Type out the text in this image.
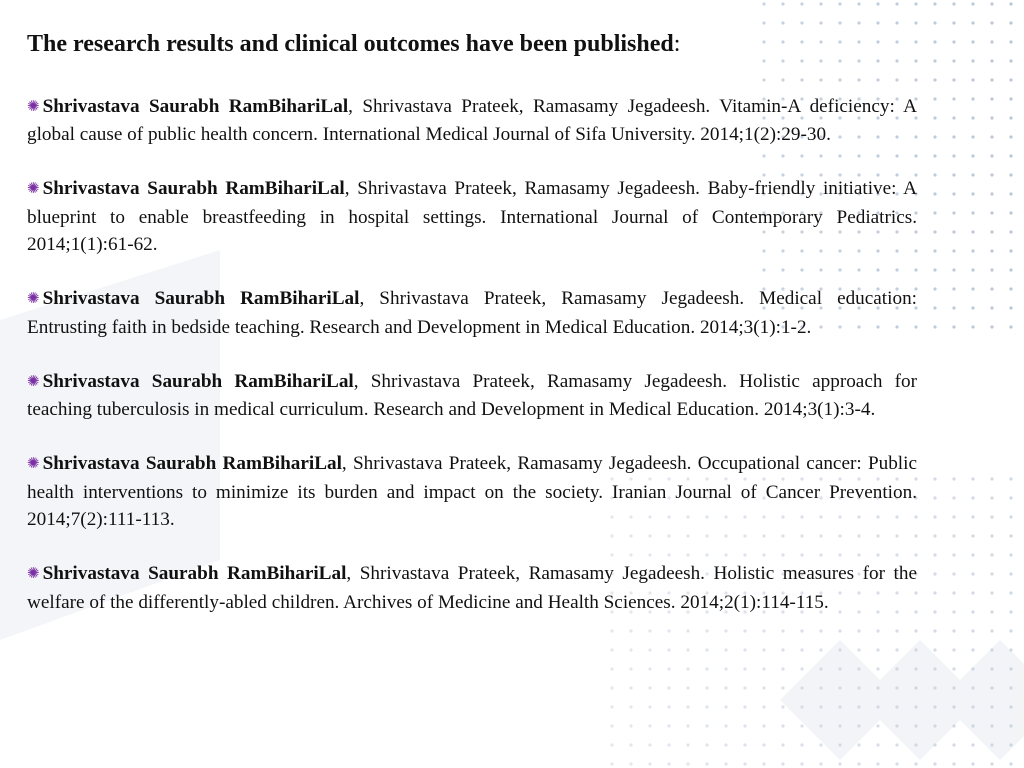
The research results and clinical outcomes have been published:

✺ Shrivastava Saurabh RamBihariLal, Shrivastava Prateek, Ramasamy Jegadeesh. Vitamin-A deficiency: A global cause of public health concern. International Medical Journal of Sifa University. 2014;1(2):29-30.

✺ Shrivastava Saurabh RamBihariLal, Shrivastava Prateek, Ramasamy Jegadeesh. Baby-friendly initiative: A blueprint to enable breastfeeding in hospital settings. International Journal of Contemporary Pediatrics. 2014;1(1):61-62.

✺ Shrivastava Saurabh RamBihariLal, Shrivastava Prateek, Ramasamy Jegadeesh. Medical education: Entrusting faith in bedside teaching. Research and Development in Medical Education. 2014;3(1):1-2.

✺ Shrivastava Saurabh RamBihariLal, Shrivastava Prateek, Ramasamy Jegadeesh. Holistic approach for teaching tuberculosis in medical curriculum. Research and Development in Medical Education. 2014;3(1):3-4.

✺ Shrivastava Saurabh RamBihariLal, Shrivastava Prateek, Ramasamy Jegadeesh. Occupational cancer: Public health interventions to minimize its burden and impact on the society. Iranian Journal of Cancer Prevention. 2014;7(2):111-113.

✺ Shrivastava Saurabh RamBihariLal, Shrivastava Prateek, Ramasamy Jegadeesh. Holistic measures for the welfare of the differently-abled children. Archives of Medicine and Health Sciences. 2014;2(1):114-115.
